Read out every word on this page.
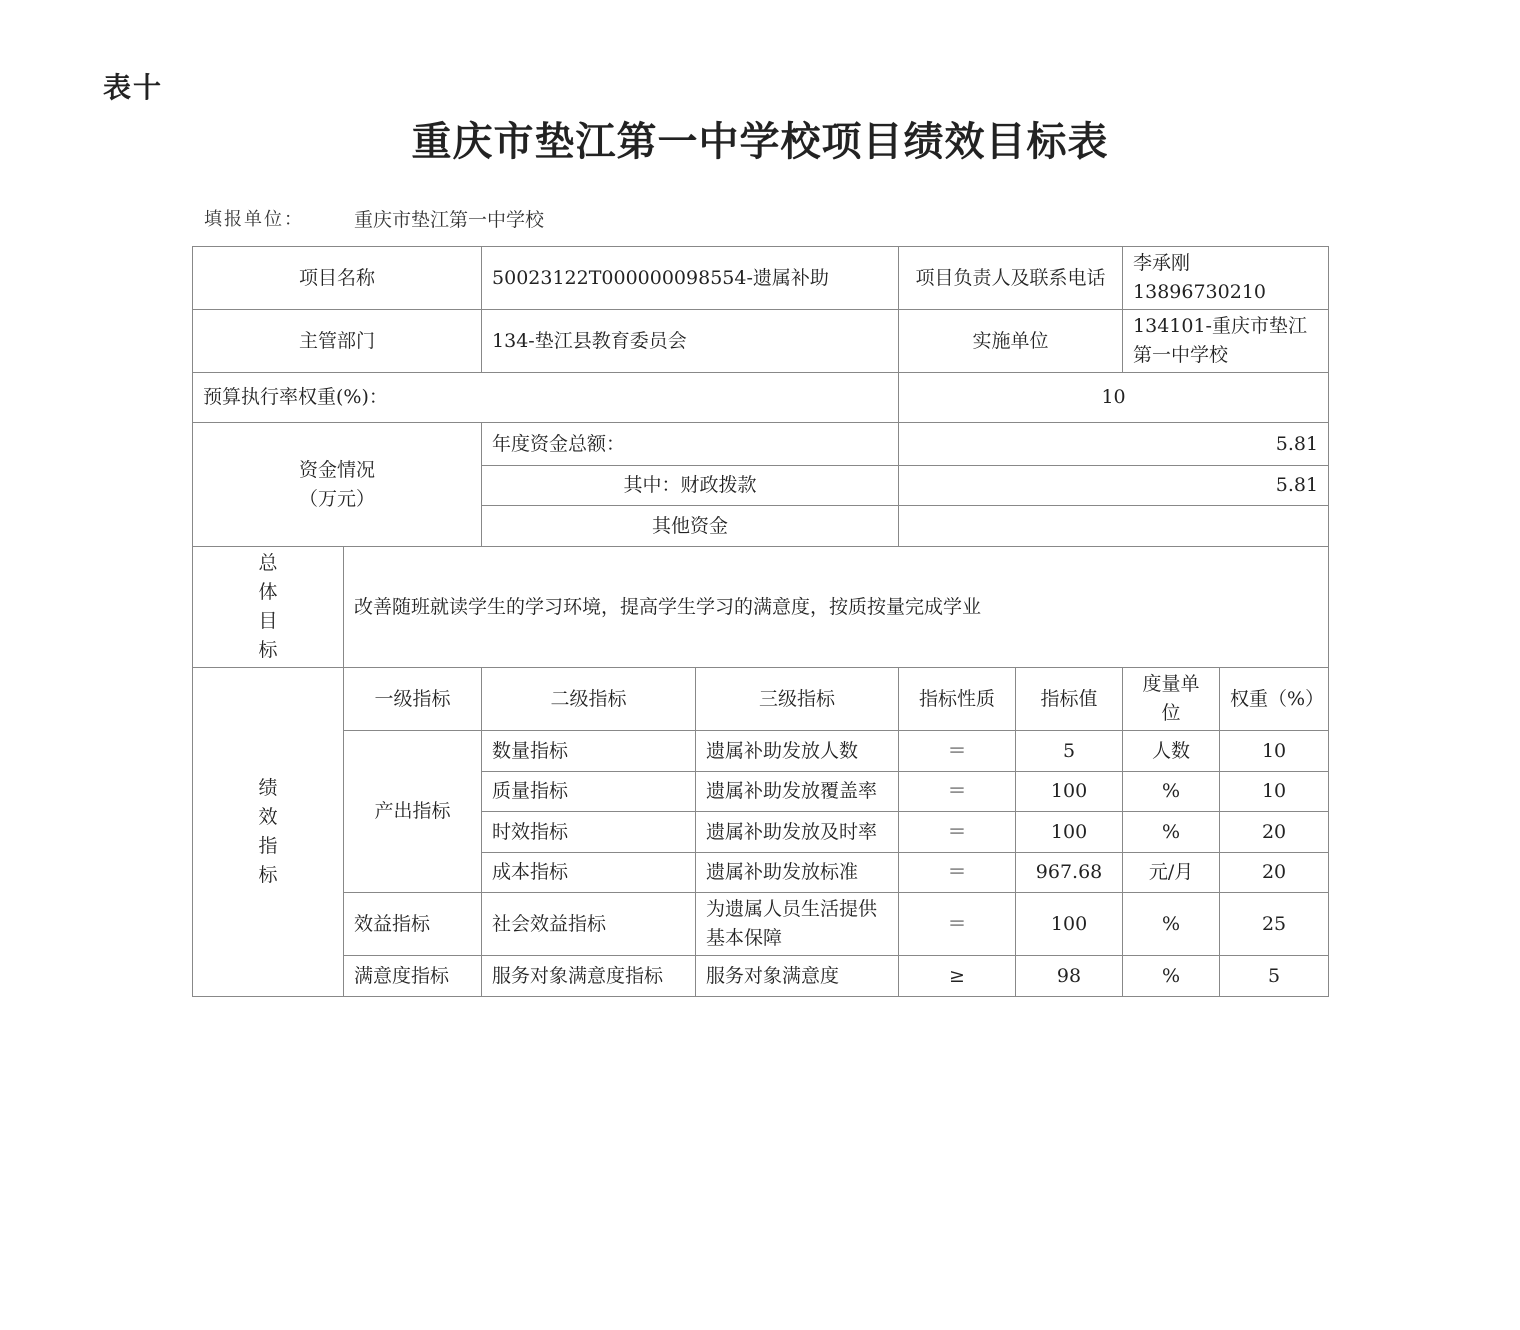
表十
重庆市垫江第一中学校项目绩效目标表
填报单位：	重庆市垫江第一中学校
项目名称		50023122T000000098554-遗属补助		项目负责人及联系电话		李承刚 13896730210	
主管部门		134-垫江县教育委员会		实施单位		134101-重庆市垫江
第一中学校	
预算执行率权重(%)：				10			
资金情况
（万元）		年度资金总额：		5.81			
		其中：财政拨款		5.81			
		其他资金					

总
体
目
标	改善随班就读学生的学习环境，提高学生学习的满意度，按质按量完成学业						

绩
效
指
标	一级指标	二级指标	三级指标	指标性质	指标值	度量单
位	权重（%）
	产出指标	数量指标	遗属补助发放人数	＝	5	人数	10
		质量指标	遗属补助发放覆盖率	＝	100	%	10
		时效指标	遗属补助发放及时率	＝	100	%	20
		成本指标	遗属补助发放标准	＝	967.68	元/月	20
	效益指标	社会效益指标	为遗属人员生活提供
基本保障	＝	100	%	25
	满意度指标	服务对象满意度指标	服务对象满意度	≥	98	%	5
